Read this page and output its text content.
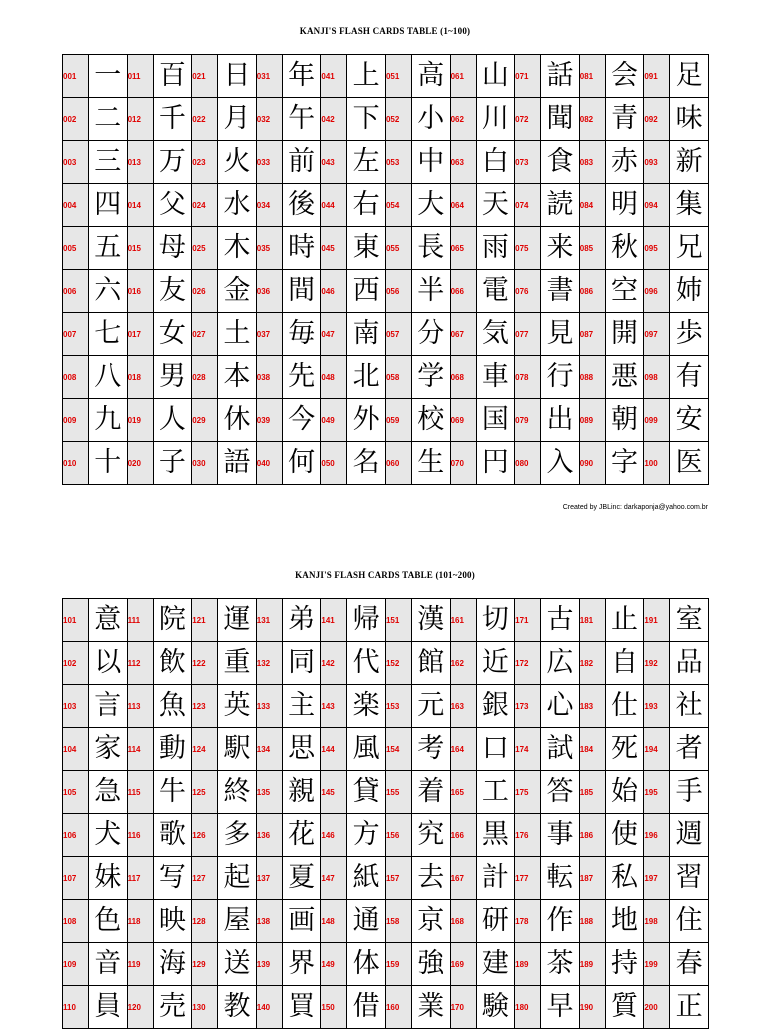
KANJI'S FLASH CARDS TABLE (1~100)
001	一	011	百	021	日	031	年	041	上	051	高	061	山	071	話	081	会	091	足
002	二	012	千	022	月	032	午	042	下	052	小	062	川	072	聞	082	青	092	味
003	三	013	万	023	火	033	前	043	左	053	中	063	白	073	食	083	赤	093	新
004	四	014	父	024	水	034	後	044	右	054	大	064	天	074	読	084	明	094	集
005	五	015	母	025	木	035	時	045	東	055	長	065	雨	075	来	085	秋	095	兄
006	六	016	友	026	金	036	間	046	西	056	半	066	電	076	書	086	空	096	姉
007	七	017	女	027	土	037	毎	047	南	057	分	067	気	077	見	087	開	097	歩
008	八	018	男	028	本	038	先	048	北	058	学	068	車	078	行	088	悪	098	有
009	九	019	人	029	休	039	今	049	外	059	校	069	国	079	出	089	朝	099	安
010	十	020	子	030	語	040	何	050	名	060	生	070	円	080	入	090	字	100	医
Created by JBLinc: darkaponja@yahoo.com.br
KANJI'S FLASH CARDS TABLE (101~200)
101	意	111	院	121	運	131	弟	141	帰	151	漢	161	切	171	古	181	止	191	室
102	以	112	飲	122	重	132	同	142	代	152	館	162	近	172	広	182	自	192	品
103	言	113	魚	123	英	133	主	143	楽	153	元	163	銀	173	心	183	仕	193	社
104	家	114	動	124	駅	134	思	144	風	154	考	164	口	174	試	184	死	194	者
105	急	115	牛	125	終	135	親	145	貸	155	着	165	工	175	答	185	始	195	手
106	犬	116	歌	126	多	136	花	146	方	156	究	166	黒	176	事	186	使	196	週
107	妹	117	写	127	起	137	夏	147	紙	157	去	167	計	177	転	187	私	197	習
108	色	118	映	128	屋	138	画	148	通	158	京	168	研	178	作	188	地	198	住
109	音	119	海	129	送	139	界	149	体	159	強	169	建	189	茶	189	持	199	春
110	員	120	売	130	教	140	買	150	借	160	業	170	験	180	早	190	質	200	正
